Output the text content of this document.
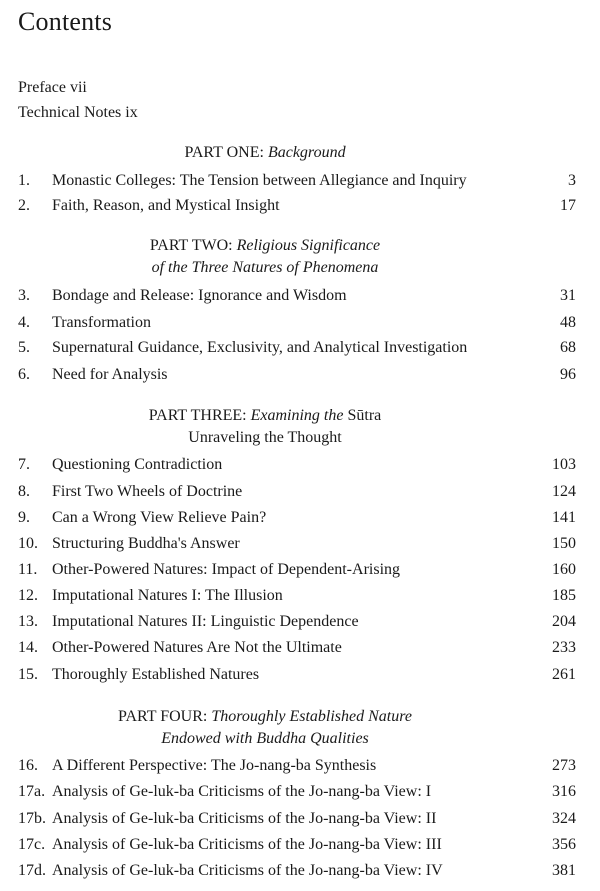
Contents
Preface vii
Technical Notes ix
PART ONE: Background
1. Monastic Colleges: The Tension between Allegiance and Inquiry	3
2. Faith, Reason, and Mystical Insight	17
PART TWO: Religious Significance
of the Three Natures of Phenomena
3. Bondage and Release: Ignorance and Wisdom	31
4. Transformation	48
5. Supernatural Guidance, Exclusivity, and Analytical Investigation	68
6. Need for Analysis	96
PART THREE: Examining the Sūtra
Unraveling the Thought
7. Questioning Contradiction	103
8. First Two Wheels of Doctrine	124
9. Can a Wrong View Relieve Pain?	141
10. Structuring Buddha's Answer	150
11. Other-Powered Natures: Impact of Dependent-Arising	160
12. Imputational Natures I: The Illusion	185
13. Imputational Natures II: Linguistic Dependence	204
14. Other-Powered Natures Are Not the Ultimate	233
15. Thoroughly Established Natures	261
PART FOUR: Thoroughly Established Nature
Endowed with Buddha Qualities
16. A Different Perspective: The Jo-nang-ba Synthesis	273
17a. Analysis of Ge-luk-ba Criticisms of the Jo-nang-ba View: I	316
17b. Analysis of Ge-luk-ba Criticisms of the Jo-nang-ba View: II	324
17c. Analysis of Ge-luk-ba Criticisms of the Jo-nang-ba View: III	356
17d. Analysis of Ge-luk-ba Criticisms of the Jo-nang-ba View: IV	381
